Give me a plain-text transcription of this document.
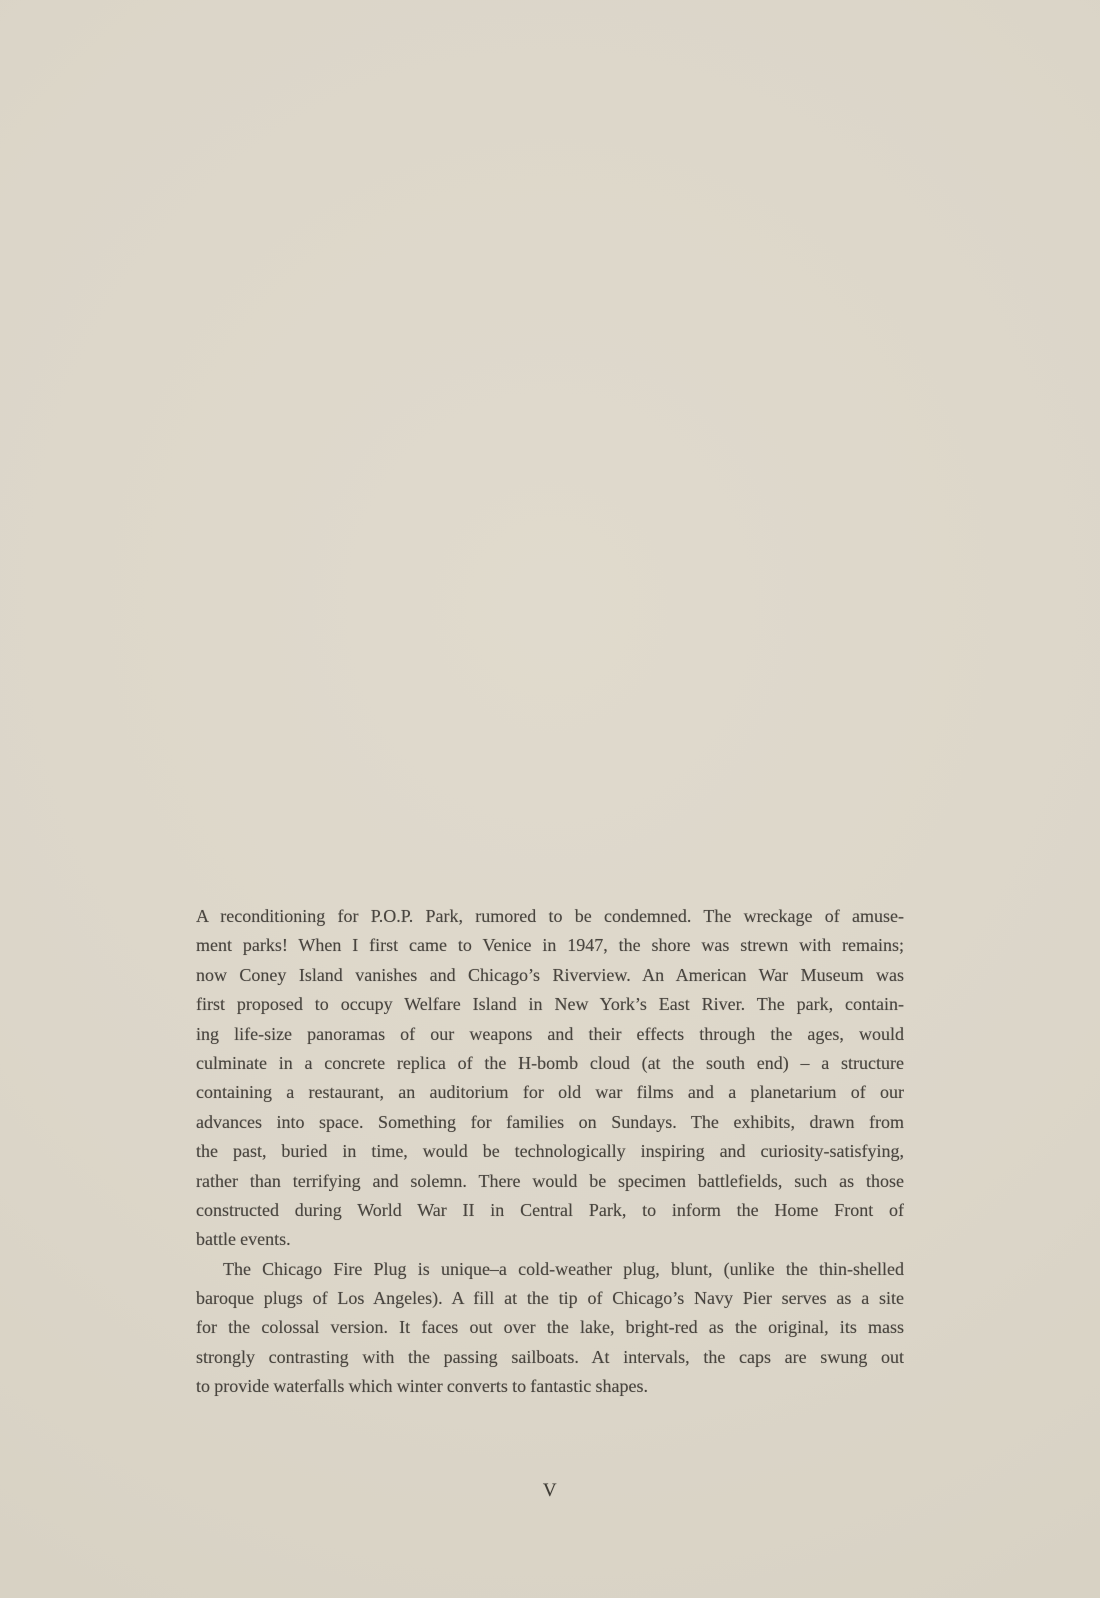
A reconditioning for P.O.P. Park, rumored to be condemned. The wreckage of amuse-
ment parks! When I first came to Venice in 1947, the shore was strewn with remains;
now Coney Island vanishes and Chicago’s Riverview. An American War Museum was
first proposed to occupy Welfare Island in New York’s East River. The park, contain-
ing life-size panoramas of our weapons and their effects through the ages, would
culminate in a concrete replica of the H-bomb cloud (at the south end) – a structure
containing a restaurant, an auditorium for old war films and a planetarium of our
advances into space. Something for families on Sundays. The exhibits, drawn from
the past, buried in time, would be technologically inspiring and curiosity-satisfying,
rather than terrifying and solemn. There would be specimen battlefields, such as those
constructed during World War II in Central Park, to inform the Home Front of
battle events.
The Chicago Fire Plug is unique–a cold-weather plug, blunt, (unlike the thin-shelled
baroque plugs of Los Angeles). A fill at the tip of Chicago’s Navy Pier serves as a site
for the colossal version. It faces out over the lake, bright-red as the original, its mass
strongly contrasting with the passing sailboats. At intervals, the caps are swung out
to provide waterfalls which winter converts to fantastic shapes.
V
